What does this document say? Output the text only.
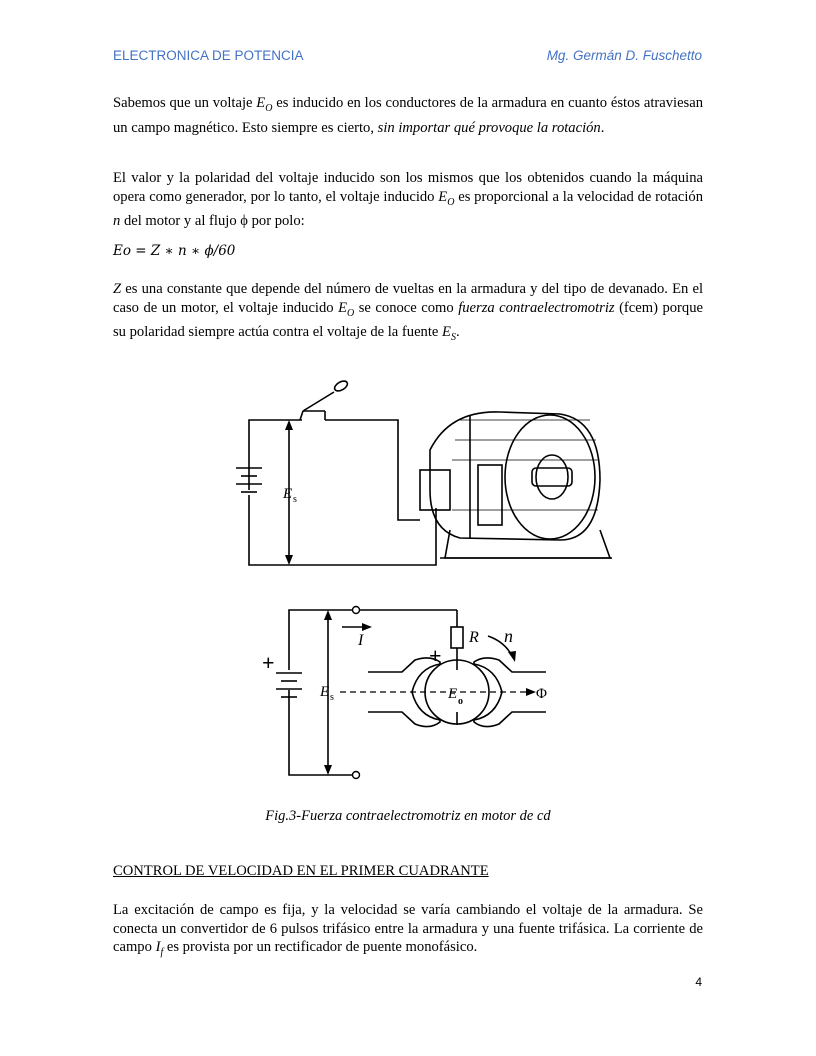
ELECTRONICA DE POTENCIA	Mg. Germán D. Fuschetto

Sabemos que un voltaje $E_O$ es inducido en los conductores de la armadura en cuanto éstos atraviesan un campo magnético. Esto siempre es cierto, sin importar qué provoque la rotación.

El valor y la polaridad del voltaje inducido son los mismos que los obtenidos cuando la máquina opera como generador, por lo tanto, el voltaje inducido $E_O$ es proporcional a la velocidad de rotación n del motor y al flujo ϕ por polo:

Eo = Z ∗ n ∗ ϕ/60

Z es una constante que depende del número de vueltas en la armadura y del tipo de devanado. En el caso de un motor, el voltaje inducido $E_O$ se conoce como fuerza contraelectromotriz (fcem) porque su polaridad siempre actúa contra el voltaje de la fuente $E_S$.

E s
E s
+	+
I	R n
E o	Φ
Fig.3-Fuerza contraelectromotriz en motor de cd
CONTROL DE VELOCIDAD EN EL PRIMER CUADRANTE

La excitación de campo es fija, y la velocidad se varía cambiando el voltaje de la armadura. Se conecta un convertidor de 6 pulsos trifásico entre la armadura y una fuente trifásica. La corriente de campo $I_f$ es provista por un rectificador de puente monofásico.

4
